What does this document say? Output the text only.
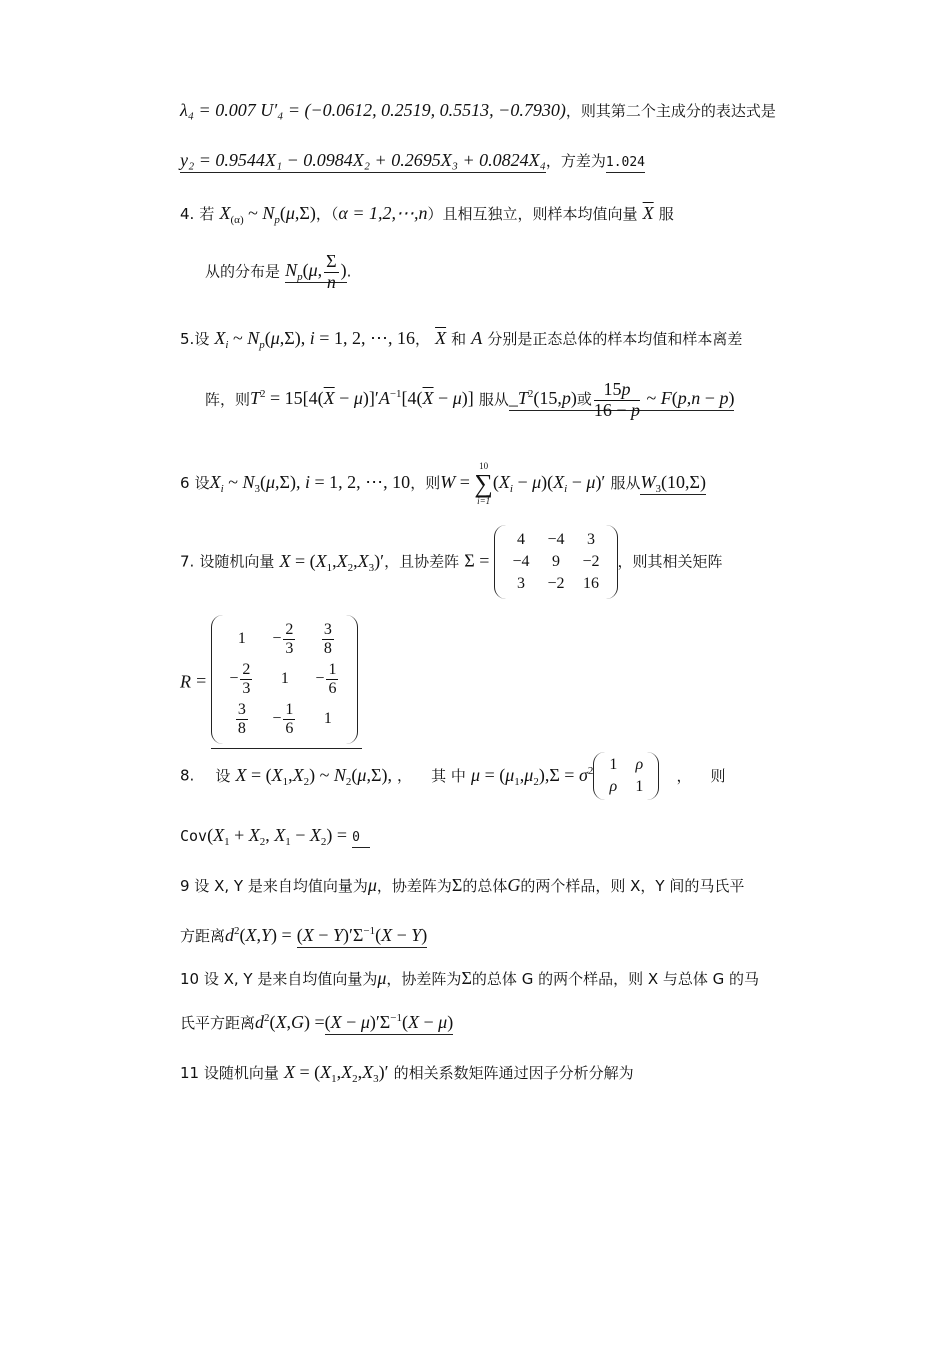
λ₄ = 0.007 U′₄ = (−0.0612, 0.2519, 0.5513, −0.7930)，则其第二个主成分的表达式是
y₂ = 0.9544X₁ − 0.0984X₂ + 0.2695X₃ + 0.0824X₄，方差为1.024
4. 若 $X_{(\alpha)}$ ~ $N_p(\mu,\Sigma)$，（α = 1,2,⋯,n）且相互独立，则样本均值向量 $\overline{X}$ 服
从的分布是 $N_p(\mu$, $\frac{\Sigma}{n}$ ).
5.设 $X_i$ ~ $N_p(\mu,\Sigma)$, i = 1, 2, ⋯, 16， $\overline{X}$ 和 A 分别是正态总体的样本均值和样本离差
阵，则$T^2 = 15[4(\overline{X} - \mu)]'A^{-1}[4(\overline{X} - \mu)]$ 服从$\_T^2(15,p)$或 $\frac{15p}{16 - p}$ ~ F(p,n − p)
6 设$X_i$ ~ $N_3(\mu,\Sigma)$, i = 1, 2, ⋯, 10，则W =
10
∑
i=1
$(X_i - \mu)(X_i - \mu)'$ 服从$W_3(10,\Sigma)$
7. 设随机向量 $X = (X_1,X_2,X_3)'$，且协差阵 Σ =
4	−4	3
−4	9	−2
3	−2	16
，则其相关矩阵
R =
1	− $\frac{2}{3}$	$\frac{3}{8}$

− $\frac{2}{3}$	1	− $\frac{1}{6}$

$\frac{3}{8}$	− $\frac{1}{6}$	1
8. 设 $X = (X_1,X_2)$ ~ $N_2(\mu,\Sigma)$, ， 其 中 $\mu = (\mu_1,\mu_2),\Sigma = \sigma^2$ 1	ρ
ρ	1
， 则
$Cov(X_1 + X_2$, $X_1 - X_2) = 0$
9 设 X, Y 是来自均值向量为μ，协差阵为Σ的总体G的两个样品，则 X，Y 间的马氏平
方距离$d^2(X,Y) = (X - Y)'\Sigma^{-1}(X - Y)$
10 设 X, Y 是来自均值向量为μ，协差阵为Σ的总体 G 的两个样品，则 X 与总体 G 的马
氏平方距离$d^2(X,G) =(X - \mu)'\Sigma^{-1}(X - \mu)$
11 设随机向量 $X = (X_1,X_2,X_3)'$ 的相关系数矩阵通过因子分析分解为
